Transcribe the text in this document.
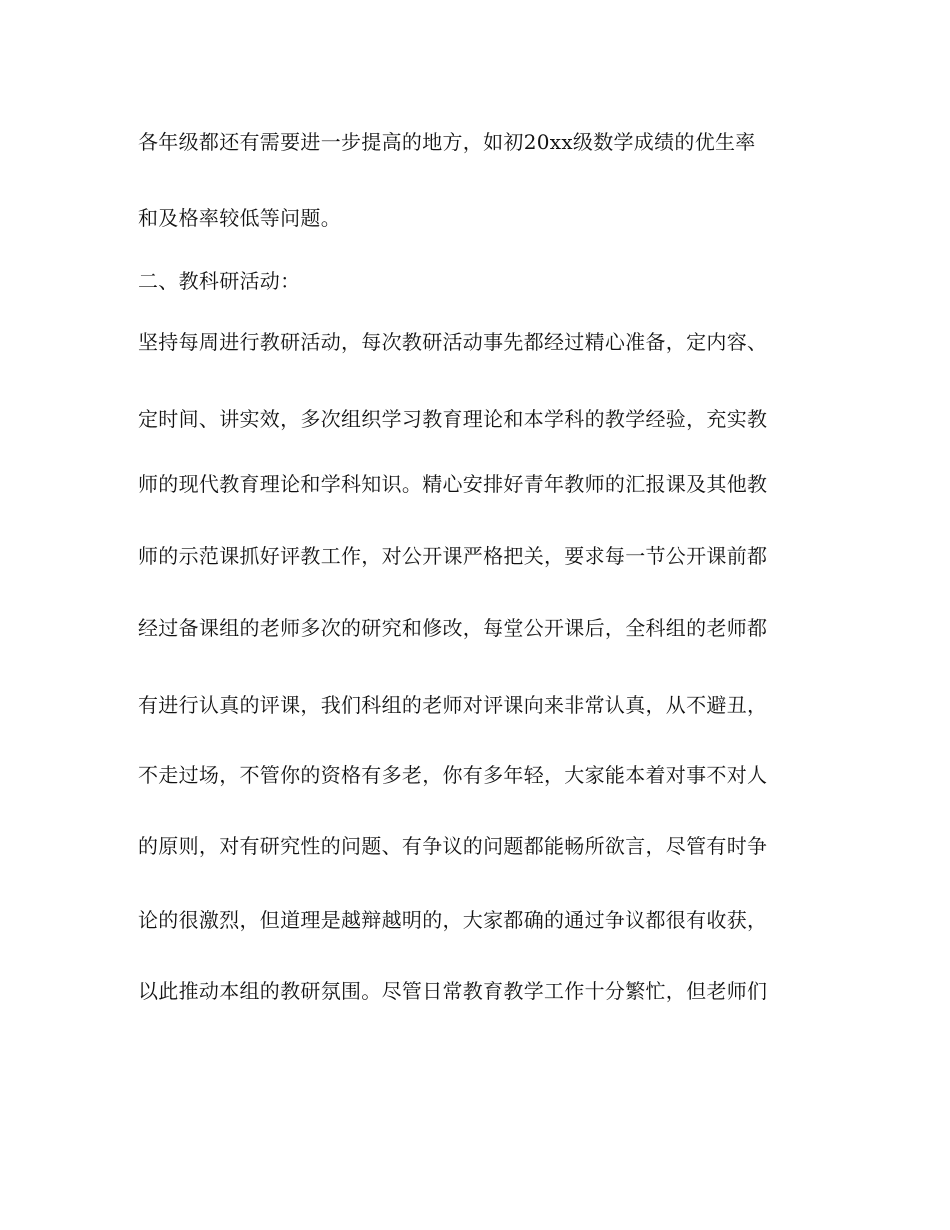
各年级都还有需要进一步提高的地方，如初20xx级数学成绩的优生率
和及格率较低等问题。
二、教科研活动：
坚持每周进行教研活动，每次教研活动事先都经过精心准备，定内容、
定时间、讲实效，多次组织学习教育理论和本学科的教学经验，充实教
师的现代教育理论和学科知识。精心安排好青年教师的汇报课及其他教
师的示范课抓好评教工作，对公开课严格把关，要求每一节公开课前都
经过备课组的老师多次的研究和修改，每堂公开课后，全科组的老师都
有进行认真的评课，我们科组的老师对评课向来非常认真，从不避丑，
不走过场，不管你的资格有多老，你有多年轻，大家能本着对事不对人
的原则，对有研究性的问题、有争议的问题都能畅所欲言，尽管有时争
论的很激烈，但道理是越辩越明的，大家都确的通过争议都很有收获，
以此推动本组的教研氛围。尽管日常教育教学工作十分繁忙，但老师们
